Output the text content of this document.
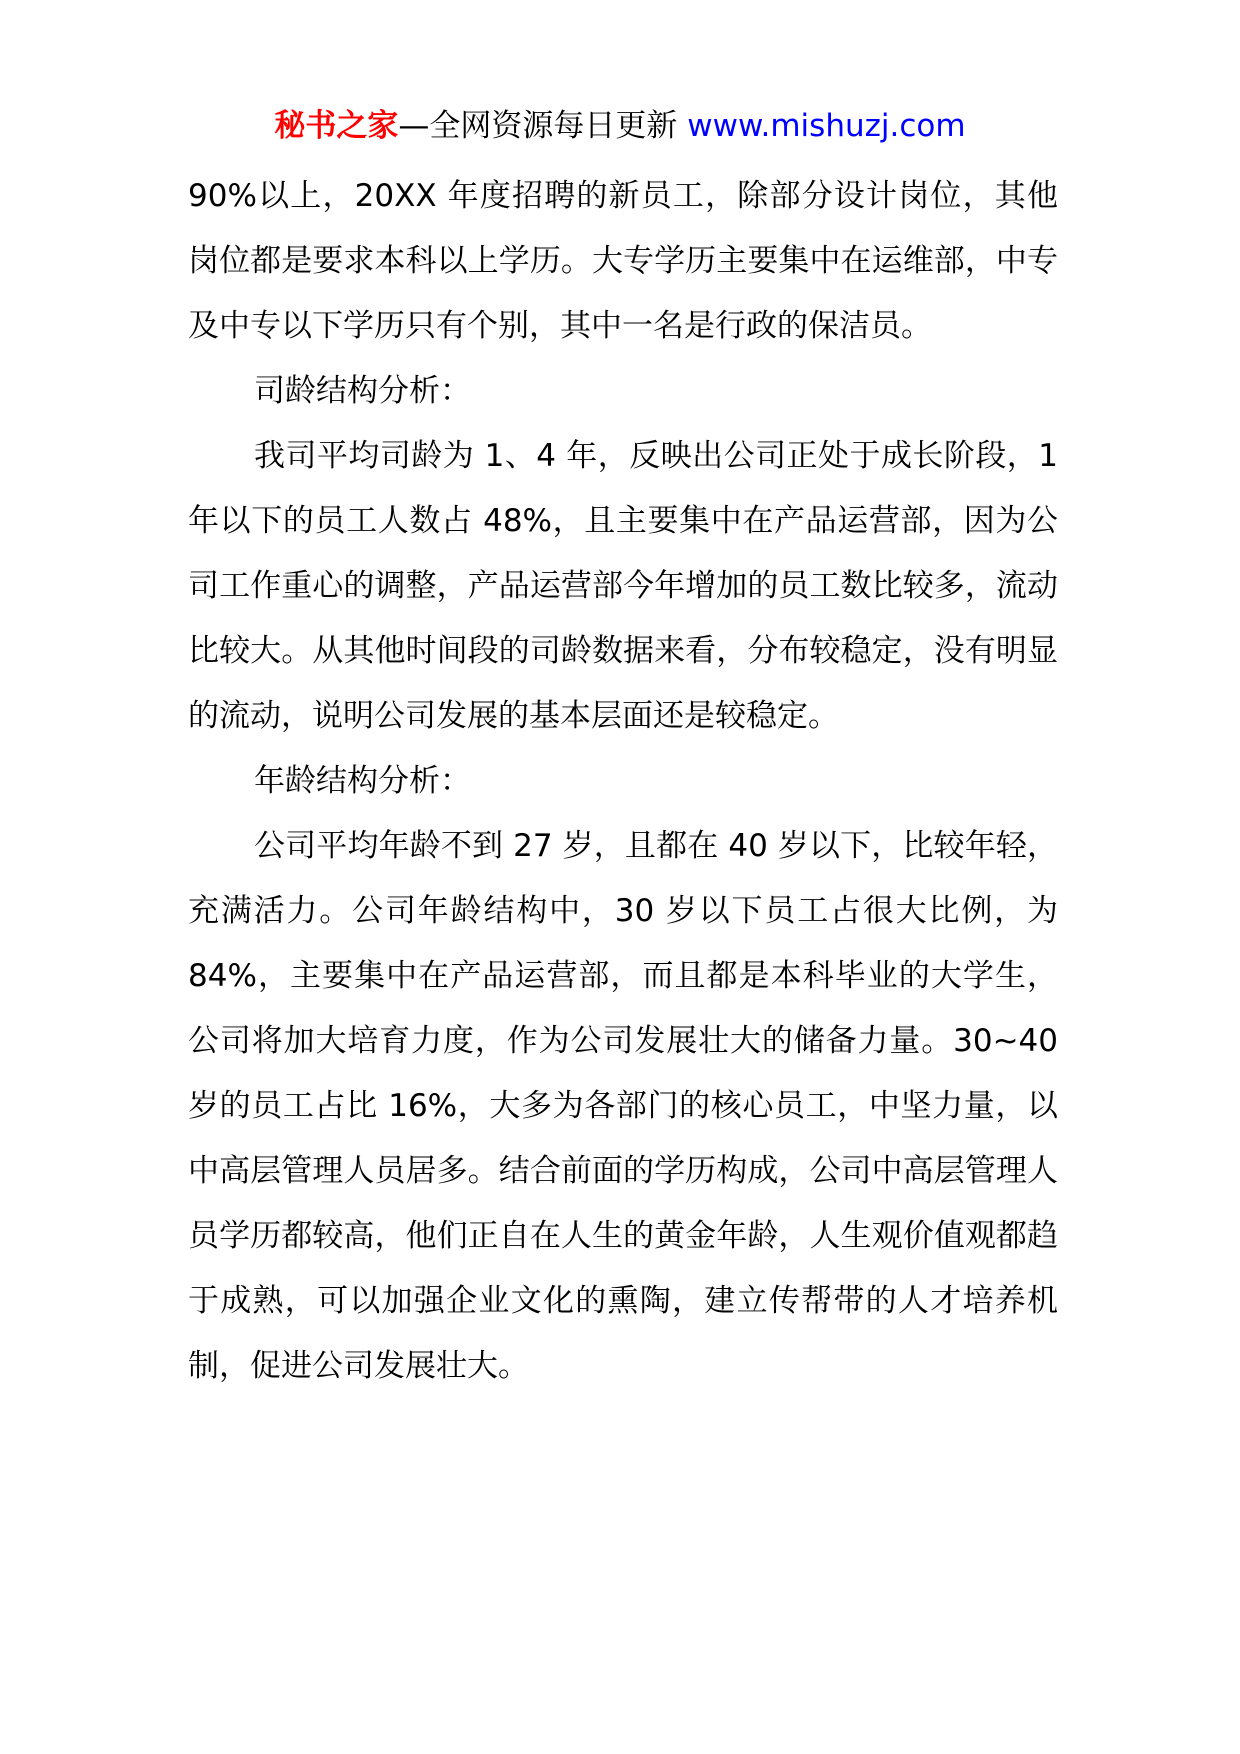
秘书之家—全网资源每日更新 www.mishuzj.com

90%以上，20XX 年度招聘的新员工，除部分设计岗位，其他岗位都是要求本科以上学历。大专学历主要集中在运维部，中专及中专以下学历只有个别，其中一名是行政的保洁员。

司龄结构分析：

我司平均司龄为 1、4 年，反映出公司正处于成长阶段，1 年以下的员工人数占 48%，且主要集中在产品运营部，因为公司工作重心的调整，产品运营部今年增加的员工数比较多，流动比较大。从其他时间段的司龄数据来看，分布较稳定，没有明显的流动，说明公司发展的基本层面还是较稳定。

年龄结构分析：

公司平均年龄不到 27 岁，且都在 40 岁以下，比较年轻，充满活力。公司年龄结构中，30 岁以下员工占很大比例，为 84%，主要集中在产品运营部，而且都是本科毕业的大学生，公司将加大培育力度，作为公司发展壮大的储备力量。30~40 岁的员工占比 16%，大多为各部门的核心员工，中坚力量，以中高层管理人员居多。结合前面的学历构成，公司中高层管理人员学历都较高，他们正自在人生的黄金年龄，人生观价值观都趋于成熟，可以加强企业文化的熏陶，建立传帮带的人才培养机制，促进公司发展壮大。
